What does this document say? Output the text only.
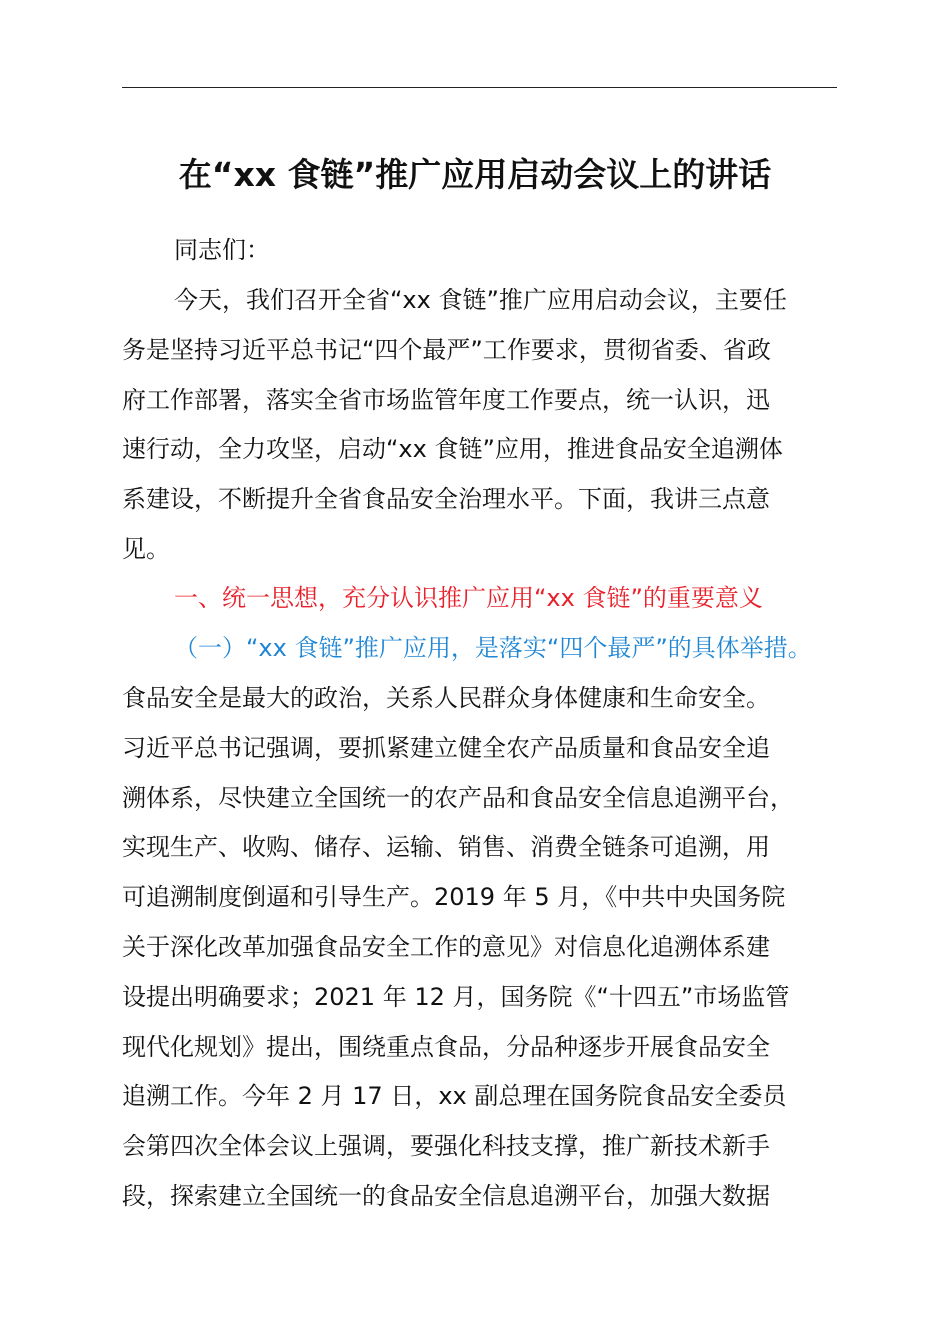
在“xx 食链”推广应用启动会议上的讲话
同志们：
今天，我们召开全省“xx 食链”推广应用启动会议，主要任
务是坚持习近平总书记“四个最严”工作要求，贯彻省委、省政
府工作部署，落实全省市场监管年度工作要点，统一认识，迅
速行动，全力攻坚，启动“xx 食链”应用，推进食品安全追溯体
系建设，不断提升全省食品安全治理水平。下面，我讲三点意
见。
一、统一思想，充分认识推广应用“xx 食链”的重要意义
（一）“xx 食链”推广应用，是落实“四个最严”的具体举措。
食品安全是最大的政治，关系人民群众身体健康和生命安全。
习近平总书记强调，要抓紧建立健全农产品质量和食品安全追
溯体系，尽快建立全国统一的农产品和食品安全信息追溯平台，
实现生产、收购、储存、运输、销售、消费全链条可追溯，用
可追溯制度倒逼和引导生产。2019 年 5 月，《中共中央国务院
关于深化改革加强食品安全工作的意见》对信息化追溯体系建
设提出明确要求；2021 年 12 月，国务院《“十四五”市场监管
现代化规划》提出，围绕重点食品，分品种逐步开展食品安全
追溯工作。今年 2 月 17 日，xx 副总理在国务院食品安全委员
会第四次全体会议上强调，要强化科技支撑，推广新技术新手
段，探索建立全国统一的食品安全信息追溯平台，加强大数据
